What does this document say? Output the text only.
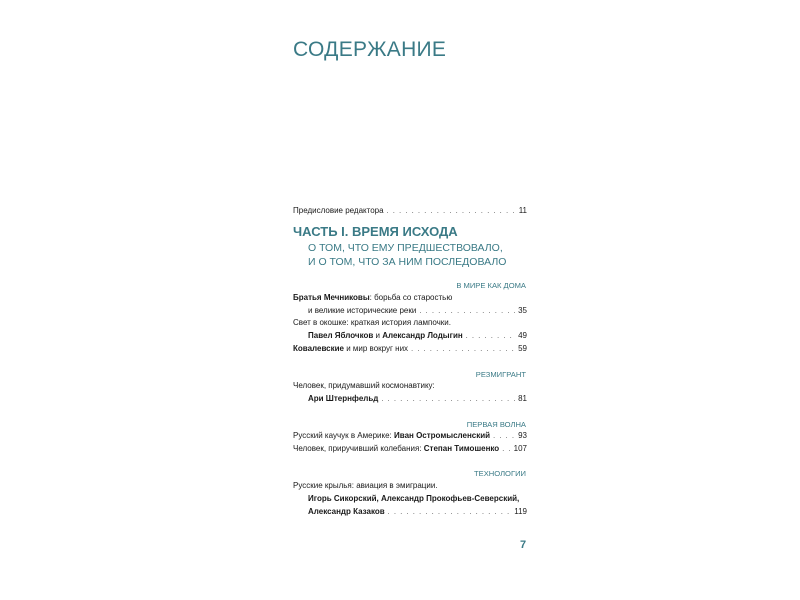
СОДЕРЖАНИЕ
Предисловие редактора . . .	11
ЧАСТЬ I. ВРЕМЯ ИСХОДА
О ТОМ, ЧТО ЕМУ ПРЕДШЕСТВОВАЛО,
И О ТОМ, ЧТО ЗА НИМ ПОСЛЕДОВАЛО
В МИРЕ КАК ДОМА
Братья Мечниковы: борьба со старостью
и великие исторические реки . . .	35
Свет в окошке: краткая история лампочки.
Павел Яблочков и Александр Лодыгин . . .	49
Ковалевские и мир вокруг них . . .	59
РЕЗМИГРАНТ
Человек, придумавший космонавтику:
Ари Штернфельд . . .	81
ПЕРВАЯ ВОЛНА
Русский каучук в Америке: Иван Остромысленский . . .	93
Человек, приручивший колебания: Степан Тимошенко . . . 107
ТЕХНОЛОГИИ
Русские крылья: авиация в эмиграции.
Игорь Сикорский, Александр Прокофьев-Северский,
Александр Казаков . . .	119
7
